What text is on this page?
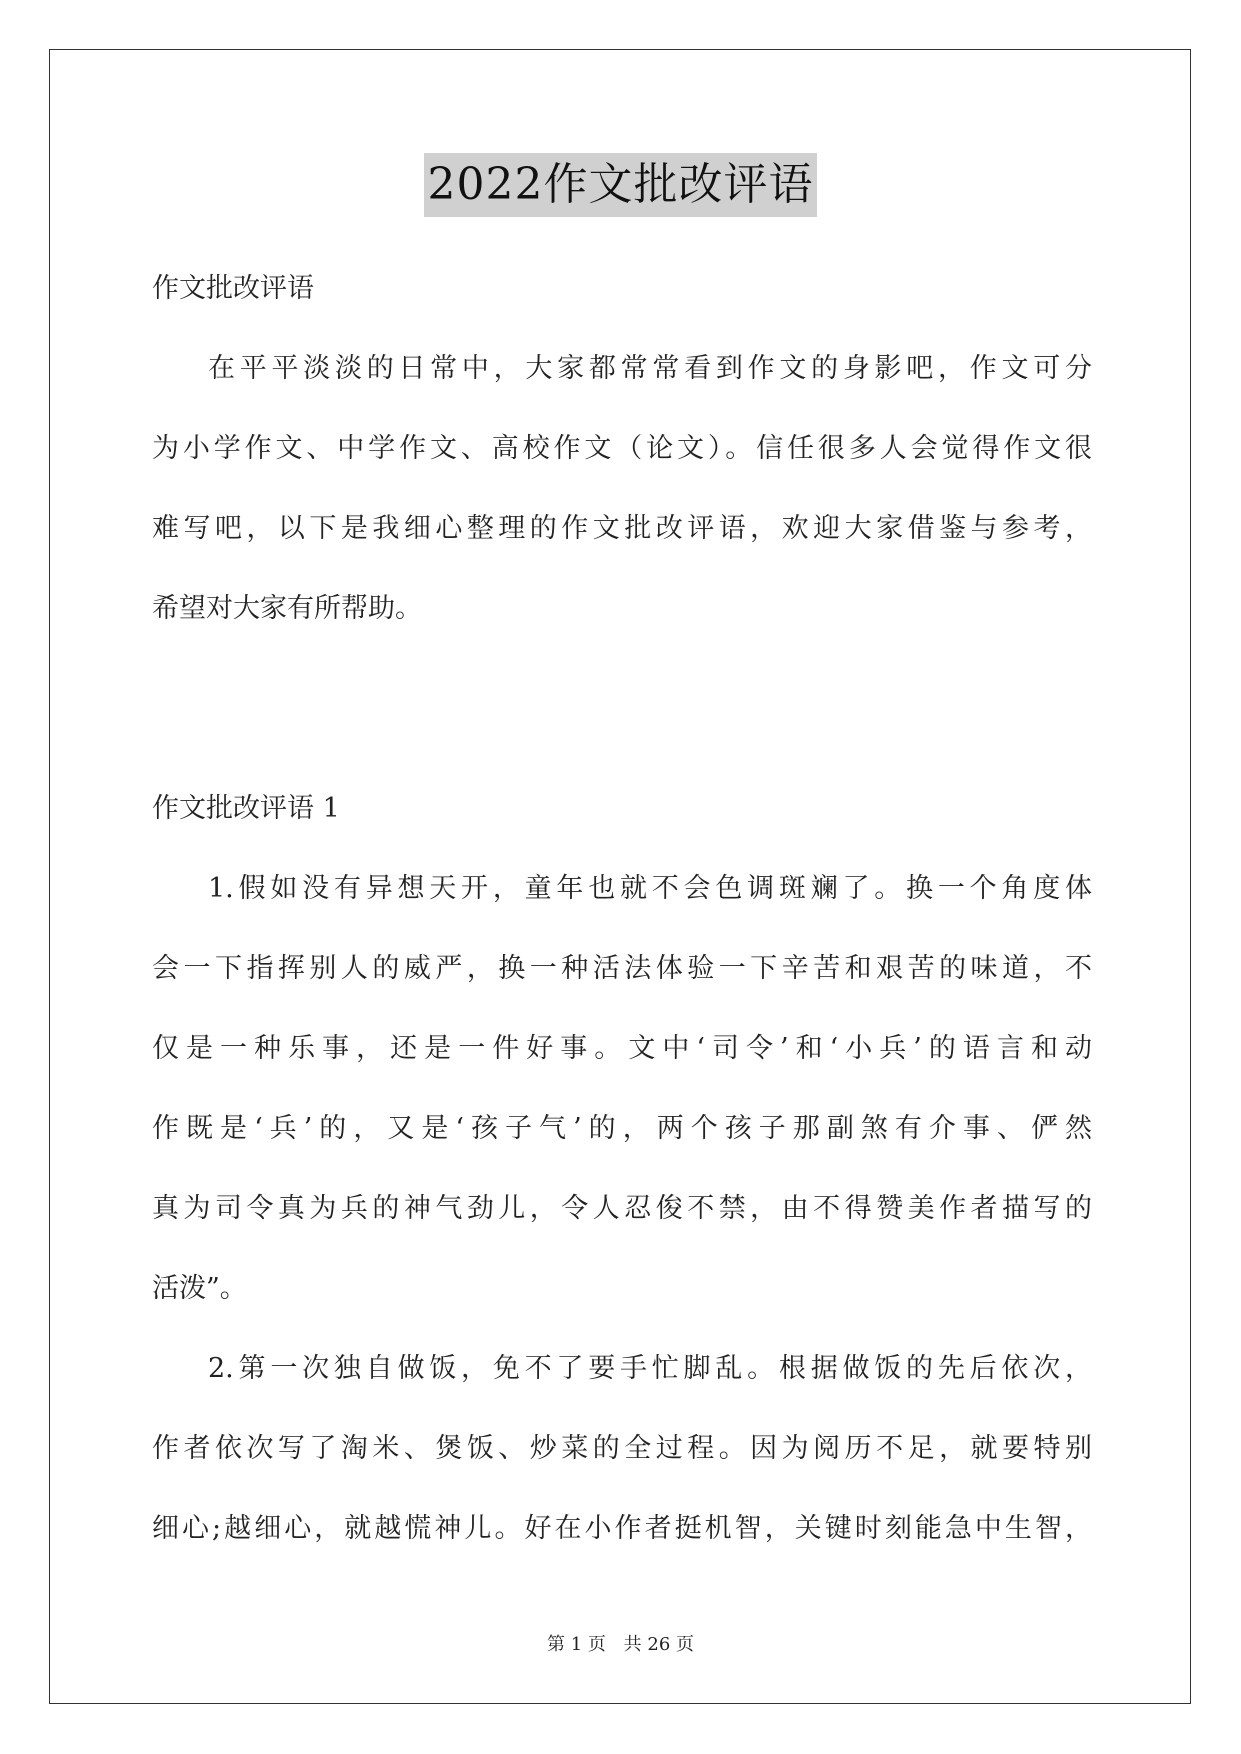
2022作文批改评语
作文批改评语
在平平淡淡的日常中，大家都常常看到作文的身影吧，作文可分
为小学作文、中学作文、高校作文（论文）。信任很多人会觉得作文很
难写吧，以下是我细心整理的作文批改评语，欢迎大家借鉴与参考，
希望对大家有所帮助。
作文批改评语 1
1.假如没有异想天开，童年也就不会色调斑斓了。换一个角度体
会一下指挥别人的威严，换一种活法体验一下辛苦和艰苦的味道，不
仅是一种乐事，还是一件好事。文中‘司令’和‘小兵’的语言和动
作既是‘兵’的，又是‘孩子气’的，两个孩子那副煞有介事、俨然
真为司令真为兵的神气劲儿，令人忍俊不禁，由不得赞美作者描写的
活泼”。
2.第一次独自做饭，免不了要手忙脚乱。根据做饭的先后依次，
作者依次写了淘米、煲饭、炒菜的全过程。因为阅历不足，就要特别
细心;越细心，就越慌神儿。好在小作者挺机智，关键时刻能急中生智，
第 1 页 共 26 页
